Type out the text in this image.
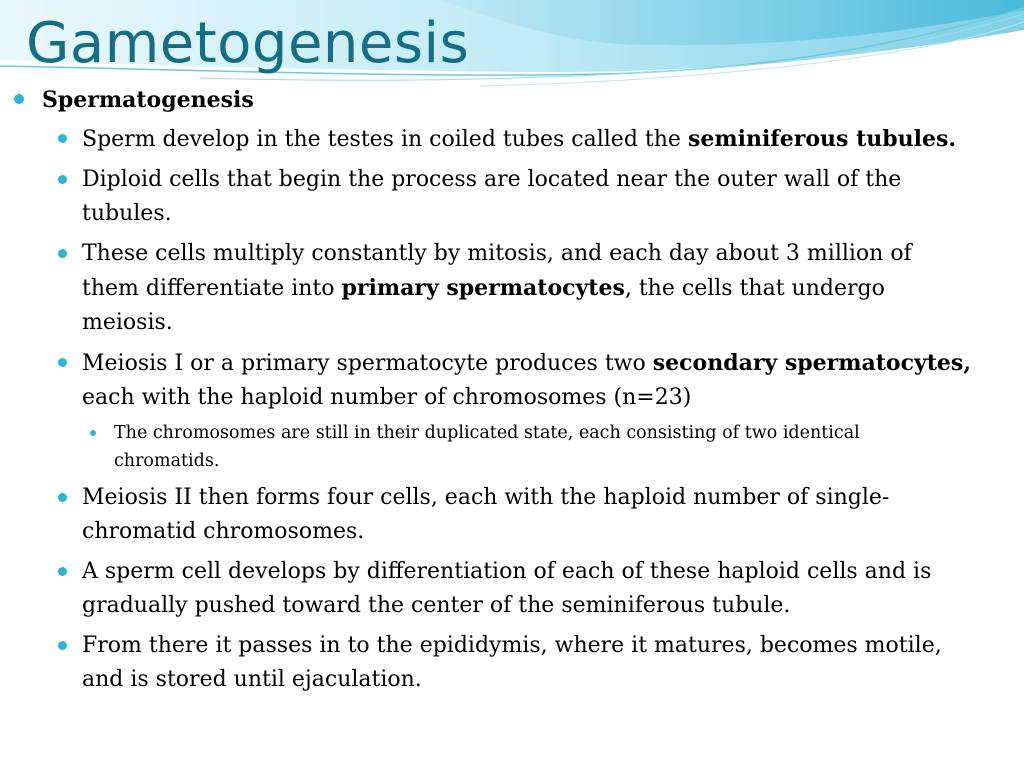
Gametogenesis
Spermatogenesis
Sperm develop in the testes in coiled tubes called the seminiferous tubules.
Diploid cells that begin the process are located near the outer wall of the tubules.
These cells multiply constantly by mitosis, and each day about 3 million of them differentiate into primary spermatocytes, the cells that undergo meiosis.
Meiosis I or a primary spermatocyte produces two secondary spermatocytes, each with the haploid number of chromosomes (n=23)
The chromosomes are still in their duplicated state, each consisting of two identical chromatids.
Meiosis II then forms four cells, each with the haploid number of single-chromatid chromosomes.
A sperm cell develops by differentiation of each of these haploid cells and is gradually pushed toward the center of the seminiferous tubule.
From there it passes in to the epididymis, where it matures, becomes motile, and is stored until ejaculation.
